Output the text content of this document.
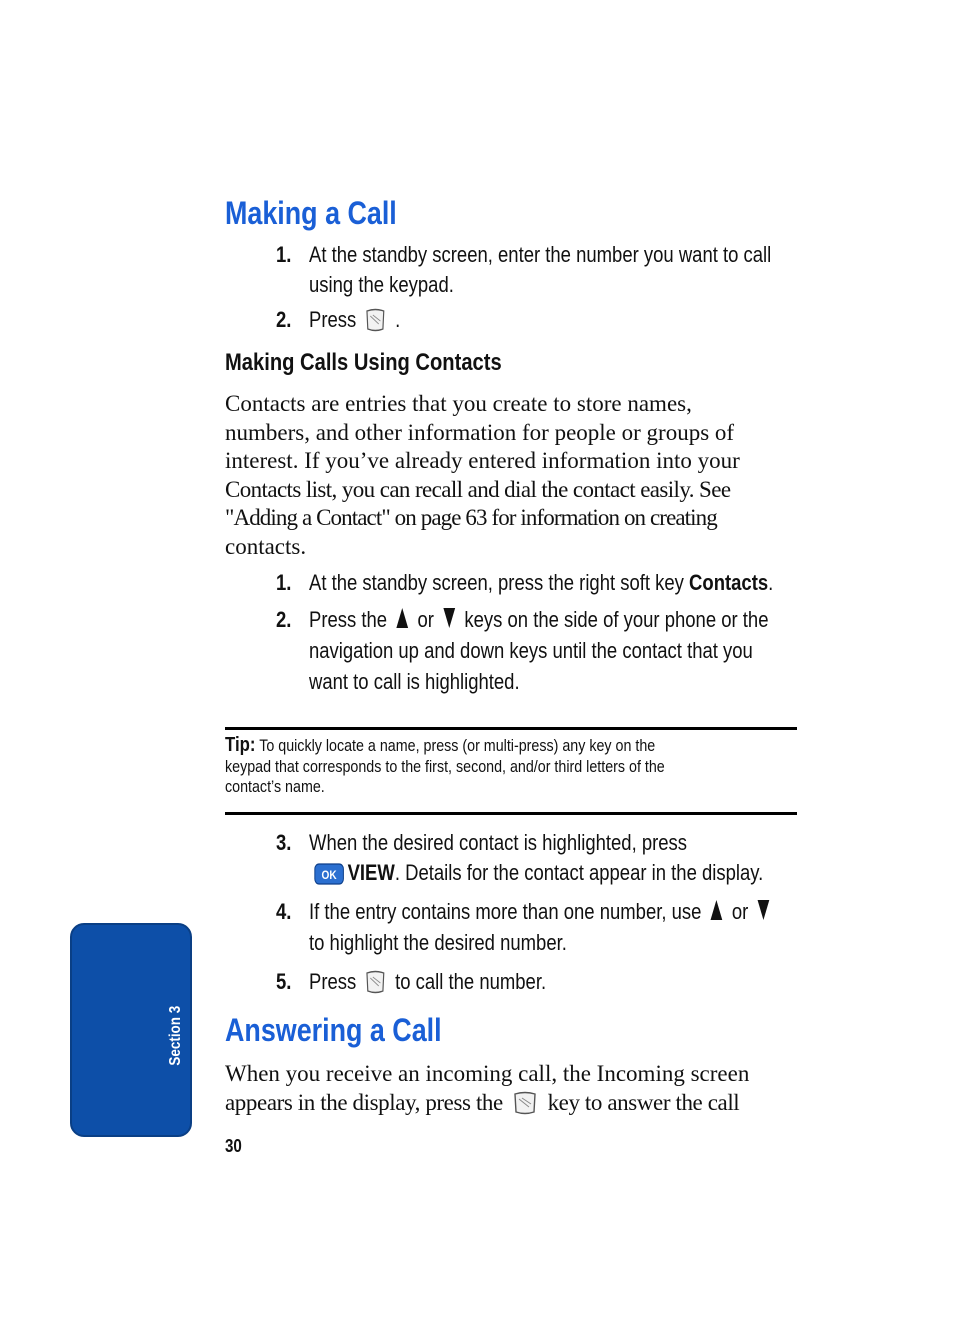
Making a Call
1. At the standby screen, enter the number you want to call
using the keypad.
2. Press .
Making Calls Using Contacts
Contacts are entries that you create to store names,
numbers, and other information for people or groups of
interest. If you’ve already entered information into your
Contacts list, you can recall and dial the contact easily. See
"Adding a Contact" on page 63 for information on creating
contacts.
1. At the standby screen, press the right soft key Contacts.
2. Press the or keys on the side of your phone or the
navigation up and down keys until the contact that you
want to call is highlighted.
Tip: To quickly locate a name, press (or multi-press) any key on the
keypad that corresponds to the first, second, and/or third letters of the
contact’s name.
3. When the desired contact is highlighted, press
OK VIEW. Details for the contact appear in the display.
4. If the entry contains more than one number, use or
to highlight the desired number.
5. Press to call the number.
Answering a Call
When you receive an incoming call, the Incoming screen
appears in the display, press the key to answer the call
Section 3
30
